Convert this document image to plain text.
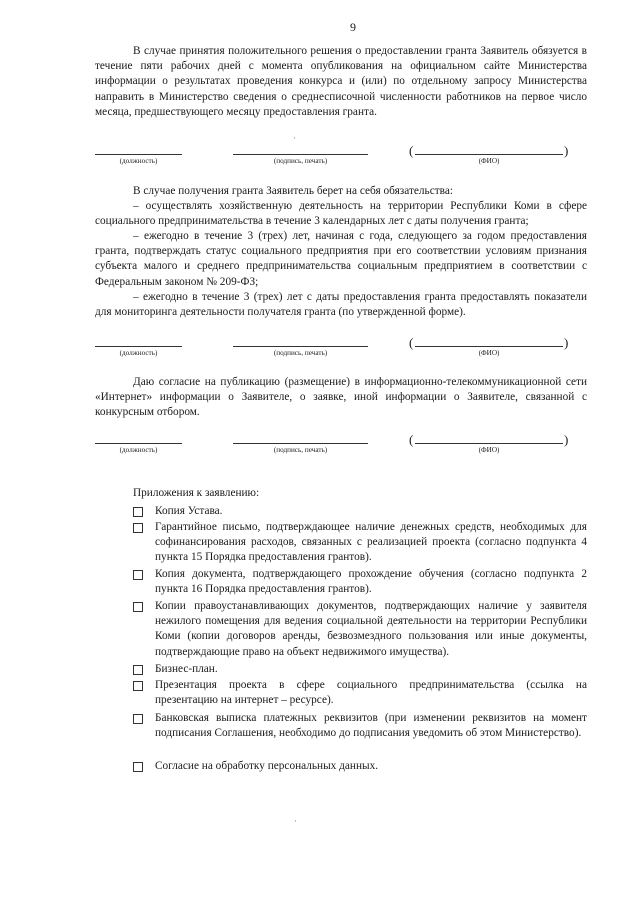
9

В случае принятия положительного решения о предоставлении гранта Заявитель обязуется в течение пяти рабочих дней с момента опубликования на официальном сайте Министерства информации о результатах проведения конкурса и (или) по отдельному запросу Министерства направить в Министерство сведения о среднесписочной численности работников на первое число месяца, предшествующего месяцу предоставления гранта.

(должность)	(подпись, печать)
(	)
(ФИО)

В случае получения гранта Заявитель берет на себя обязательства:

– осуществлять хозяйственную деятельность на территории Республики Коми в сфере социального предпринимательства в течение 3 календарных лет с даты получения гранта;

– ежегодно в течение 3 (трех) лет, начиная с года, следующего за годом предоставления гранта, подтверждать статус социального предприятия при его соответствии условиям признания субъекта малого и среднего предпринимательства социальным предприятием в соответствии с Федеральным законом № 209-ФЗ;

– ежегодно в течение 3 (трех) лет с даты предоставления гранта предоставлять показатели для мониторинга деятельности получателя гранта (по утвержденной форме).

(должность)	(подпись, печать)
(	)
(ФИО)

Даю согласие на публикацию (размещение) в информационно-телекоммуникационной сети «Интернет» информации о Заявителе, о заявке, иной информации о Заявителе, связанной с конкурсным отбором.

(должность)	(подпись, печать)
(	)
(ФИО)
Приложения к заявлению:
Копия Устава.
Гарантийное письмо, подтверждающее наличие денежных средств, необходимых для софинансирования расходов, связанных с реализацией проекта (согласно подпункта 4 пункта 15 Порядка предоставления грантов).
Копия документа, подтверждающего прохождение обучения (согласно подпункта 2 пункта 16 Порядка предоставления грантов).
Копии правоустанавливающих документов, подтверждающих наличие у заявителя нежилого помещения для ведения социальной деятельности на территории Республики Коми (копии договоров аренды, безвозмездного пользования или иные документы, подтверждающие право на объект недвижимого имущества).
Бизнес-план.
Презентация проекта в сфере социального предпринимательства (ссылка на презентацию на интернет – ресурсе).
Банковская выписка платежных реквизитов (при изменении реквизитов на момент подписания Соглашения, необходимо до подписания уведомить об этом Министерство).
Согласие на обработку персональных данных.
·
·
